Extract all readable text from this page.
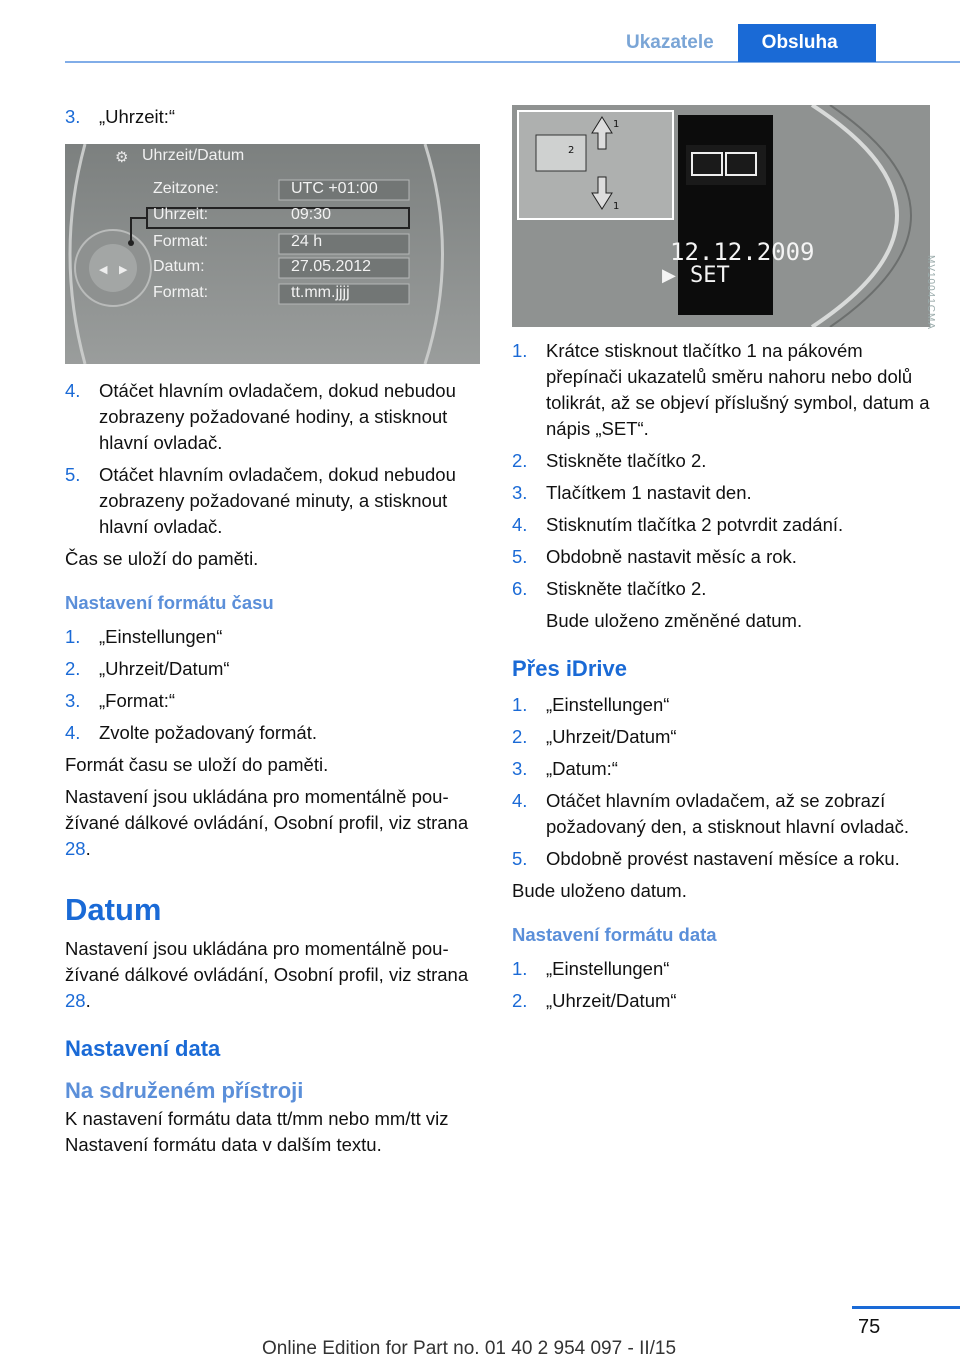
Ukazatele	Obsluha
3. „Uhrzeit:“
◀ ▶
⚙ Uhrzeit/Datum
Zeitzone:	UTC +01:00
Uhrzeit:	09:30
Format:	24 h
Datum:	27.05.2012
Format:	tt.mm.jjjj
4. Otáčet hlavním ovladačem, dokud nebudou zobrazeny požadované hodiny, a stisknout hlavní ovladač.
5. Otáčet hlavním ovladačem, dokud nebudou zobrazeny požadované minuty, a stisknout hlavní ovladač.
Čas se uloží do paměti.
Nastavení formátu času
1. „Einstellungen“
2. „Uhrzeit/Datum“
3. „Format:“
4. Zvolte požadovaný formát.
Formát času se uloží do paměti.
Nastavení jsou ukládána pro momentálně používané dálkové ovládání, Osobní profil, viz strana 28.
Datum
Nastavení jsou ukládána pro momentálně používané dálkové ovládání, Osobní profil, viz strana 28.
Nastavení data
Na sdruženém přístroji
K nastavení formátu data tt/mm nebo mm/tt viz Nastavení formátu data v dalším textu.
1
2
1
12.12.2009
▶ SET	MV10041CMA
1. Krátce stisknout tlačítko 1 na pákovém přepínači ukazatelů směru nahoru nebo dolů tolikrát, až se objeví příslušný symbol, datum a nápis „SET“.
2. Stiskněte tlačítko 2.
3. Tlačítkem 1 nastavit den.
4. Stisknutím tlačítka 2 potvrdit zadání.
5. Obdobně nastavit měsíc a rok.
6. Stiskněte tlačítko 2.
Bude uloženo změněné datum.
Přes iDrive
1. „Einstellungen“
2. „Uhrzeit/Datum“
3. „Datum:“
4. Otáčet hlavním ovladačem, až se zobrazí požadovaný den, a stisknout hlavní ovladač.
5. Obdobně provést nastavení měsíce a roku.
Bude uloženo datum.
Nastavení formátu data
1. „Einstellungen“
2. „Uhrzeit/Datum“
75
Online Edition for Part no. 01 40 2 954 097 - II/15
